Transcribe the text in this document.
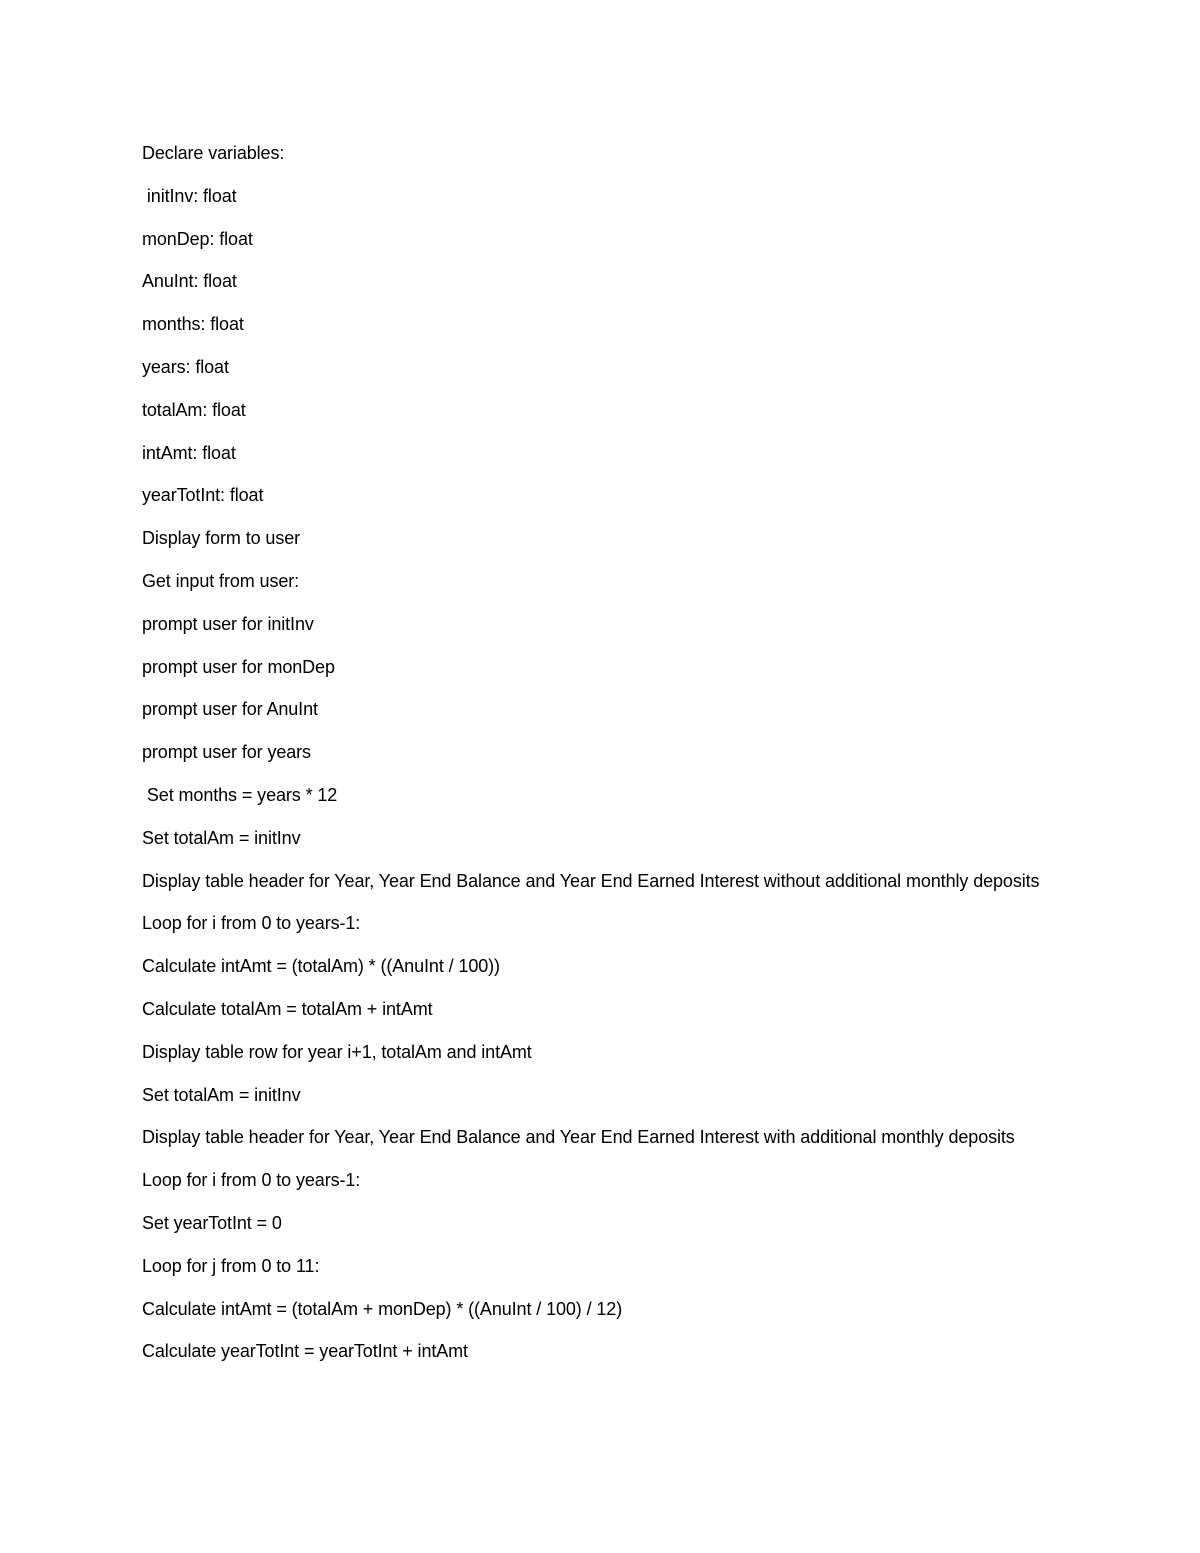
Declare variables:

initInv: float

monDep: float

AnuInt: float

months: float

years: float

totalAm: float

intAmt: float

yearTotInt: float

Display form to user

Get input from user:

prompt user for initInv

prompt user for monDep

prompt user for AnuInt

prompt user for years

Set months = years * 12

Set totalAm = initInv

Display table header for Year, Year End Balance and Year End Earned Interest without additional monthly deposits

Loop for i from 0 to years-1:

Calculate intAmt = (totalAm) * ((AnuInt / 100))

Calculate totalAm = totalAm + intAmt

Display table row for year i+1, totalAm and intAmt

Set totalAm = initInv

Display table header for Year, Year End Balance and Year End Earned Interest with additional monthly deposits

Loop for i from 0 to years-1:

Set yearTotInt = 0

Loop for j from 0 to 11:

Calculate intAmt = (totalAm + monDep) * ((AnuInt / 100) / 12)

Calculate yearTotInt = yearTotInt + intAmt
